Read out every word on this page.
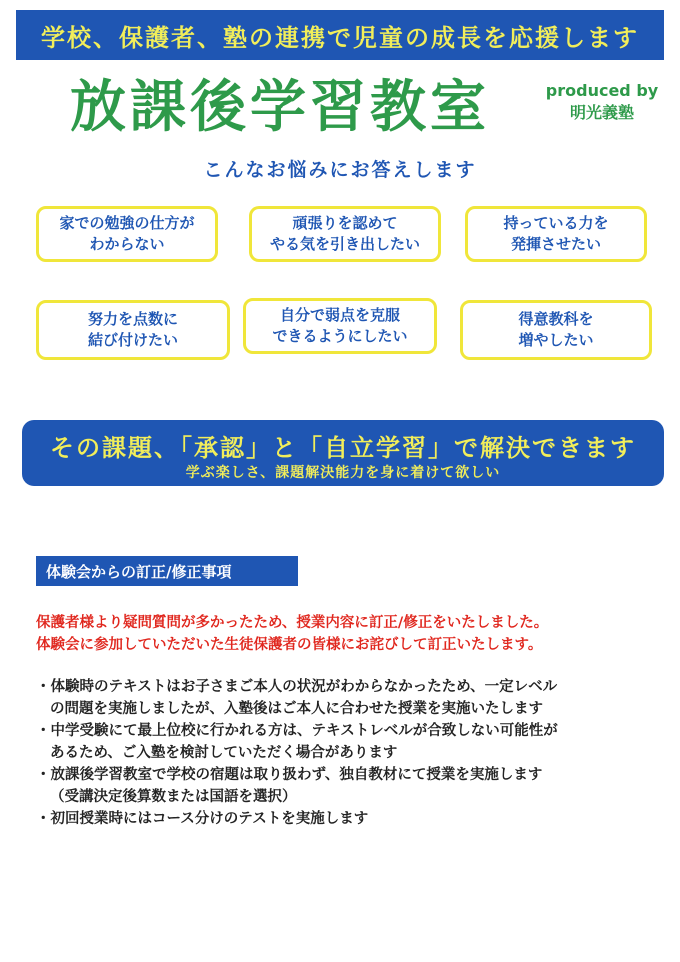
学校、保護者、塾の連携で児童の成長を応援します
放課後学習教室	produced by
明光義塾
こんなお悩みにお答えします
家での勉強の仕方が
わからない
頑張りを認めて
やる気を引き出したい
持っている力を
発揮させたい
努力を点数に
結び付けたい
自分で弱点を克服
できるようにしたい
得意教科を
増やしたい
その課題、「承認」と「自立学習」で解決できます
学ぶ楽しさ、課題解決能力を身に着けて欲しい
体験会からの訂正/修正事項
保護者様より疑問質問が多かったため、授業内容に訂正/修正をいたしました。
体験会に参加していただいた生徒保護者の皆様にお詫びして訂正いたします。
・体験時のテキストはお子さまご本人の状況がわからなかったため、一定レベル
の問題を実施しましたが、入塾後はご本人に合わせた授業を実施いたします
・中学受験にて最上位校に行かれる方は、テキストレベルが合致しない可能性が
あるため、ご入塾を検討していただく場合があります
・放課後学習教室で学校の宿題は取り扱わず、独自教材にて授業を実施します
（受講決定後算数または国語を選択）
・初回授業時にはコース分けのテストを実施します
